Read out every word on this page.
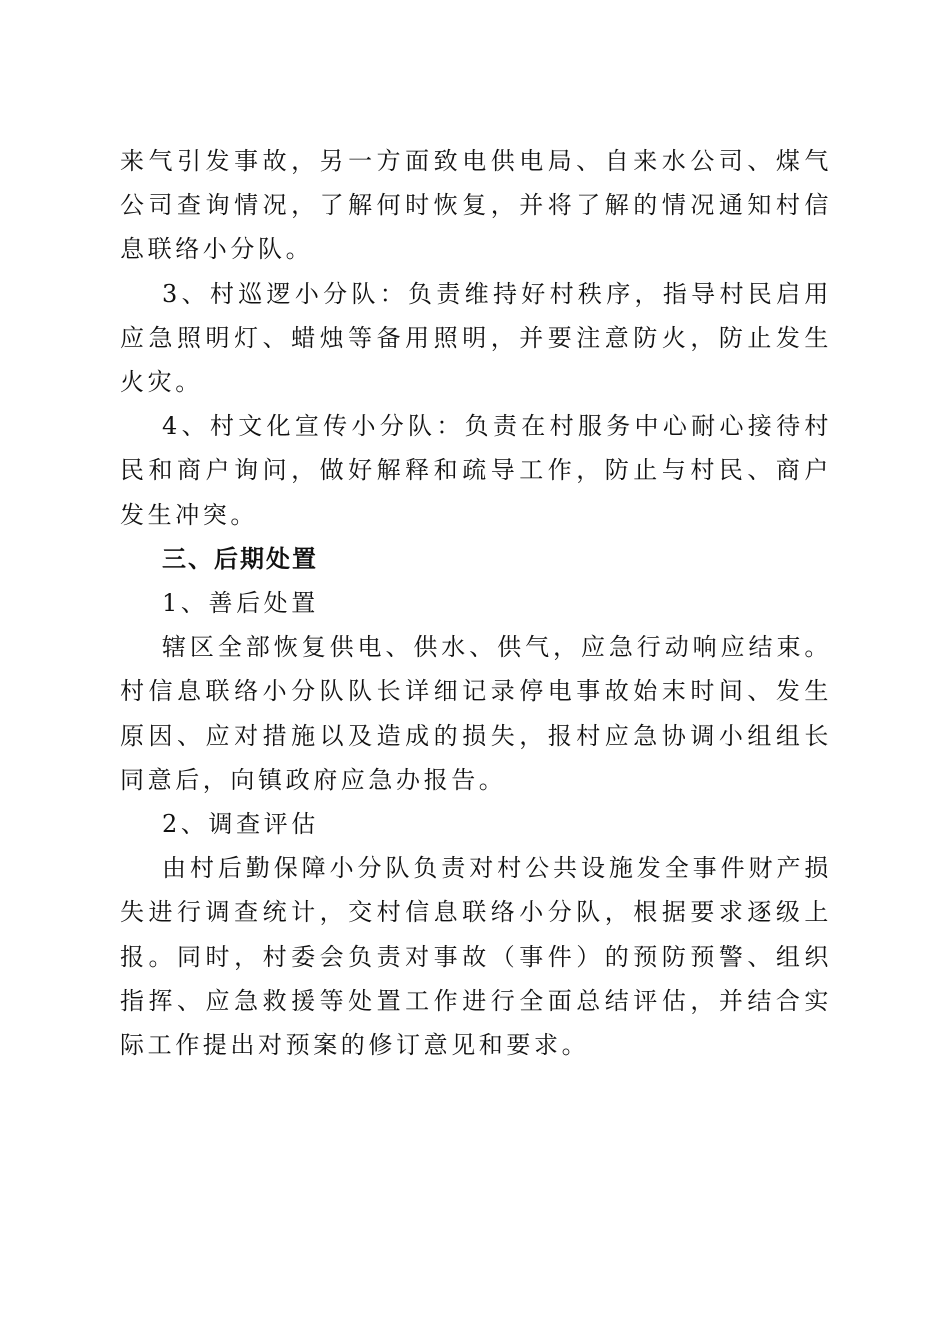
来气引发事故，另一方面致电供电局、自来水公司、煤气公司查询情况，了解何时恢复，并将了解的情况通知村信息联络小分队。

3、村巡逻小分队：负责维持好村秩序，指导村民启用应急照明灯、蜡烛等备用照明，并要注意防火，防止发生火灾。

4、村文化宣传小分队：负责在村服务中心耐心接待村民和商户询问，做好解释和疏导工作，防止与村民、商户发生冲突。

三、后期处置

1、善后处置

辖区全部恢复供电、供水、供气，应急行动响应结束。村信息联络小分队队长详细记录停电事故始末时间、发生原因、应对措施以及造成的损失，报村应急协调小组组长同意后，向镇政府应急办报告。

2、调查评估

由村后勤保障小分队负责对村公共设施发全事件财产损失进行调查统计，交村信息联络小分队，根据要求逐级上报。同时，村委会负责对事故（事件）的预防预警、组织指挥、应急救援等处置工作进行全面总结评估，并结合实际工作提出对预案的修订意见和要求。
